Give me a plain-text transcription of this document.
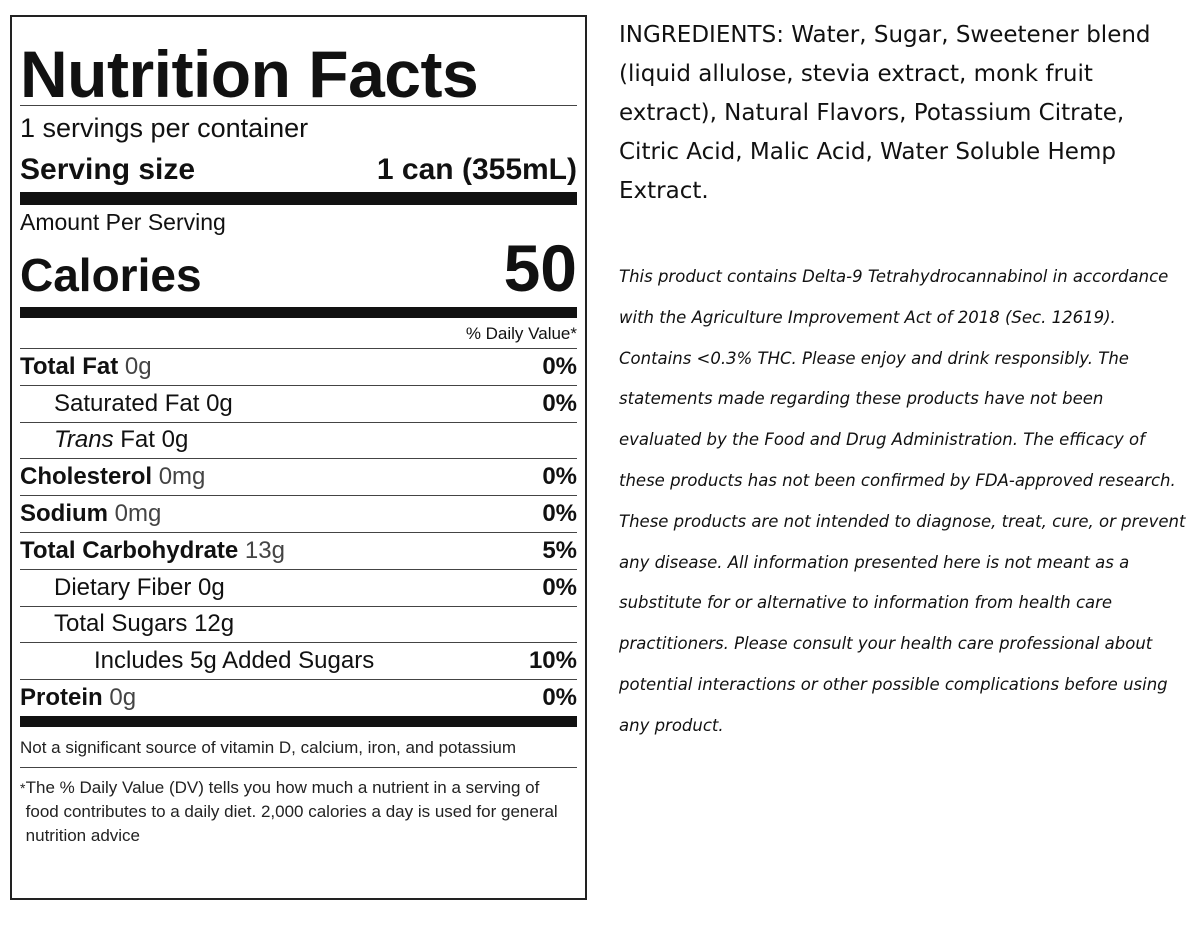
Nutrition Facts
1 servings per container
Serving size	1 can (355mL)
Amount Per Serving
Calories	50
% Daily Value*
Total Fat 0g	0%
Saturated Fat 0g	0%
Trans Fat 0g
Cholesterol 0mg	0%
Sodium 0mg	0%
Total Carbohydrate 13g	5%
Dietary Fiber 0g	0%
Total Sugars 12g
Includes 5g Added Sugars	10%
Protein 0g	0%
Not a significant source of vitamin D, calcium, iron, and potassium
* The % Daily Value (DV) tells you how much a nutrient in a serving of food contributes to a daily diet. 2,000 calories a day is used for general nutrition advice

INGREDIENTS: Water, Sugar, Sweetener blend (liquid allulose, stevia extract, monk fruit extract), Natural Flavors, Potassium Citrate, Citric Acid, Malic Acid, Water Soluble Hemp Extract.

This product contains Delta-9 Tetrahydrocannabinol in accordance with the Agriculture Improvement Act of 2018 (Sec. 12619). Contains <0.3% THC. Please enjoy and drink responsibly. The statements made regarding these products have not been evaluated by the Food and Drug Administration. The efficacy of these products has not been confirmed by FDA-approved research. These products are not intended to diagnose, treat, cure, or prevent any disease. All information presented here is not meant as a substitute for or alternative to information from health care practitioners. Please consult your health care professional about potential interactions or other possible complications before using any product.
